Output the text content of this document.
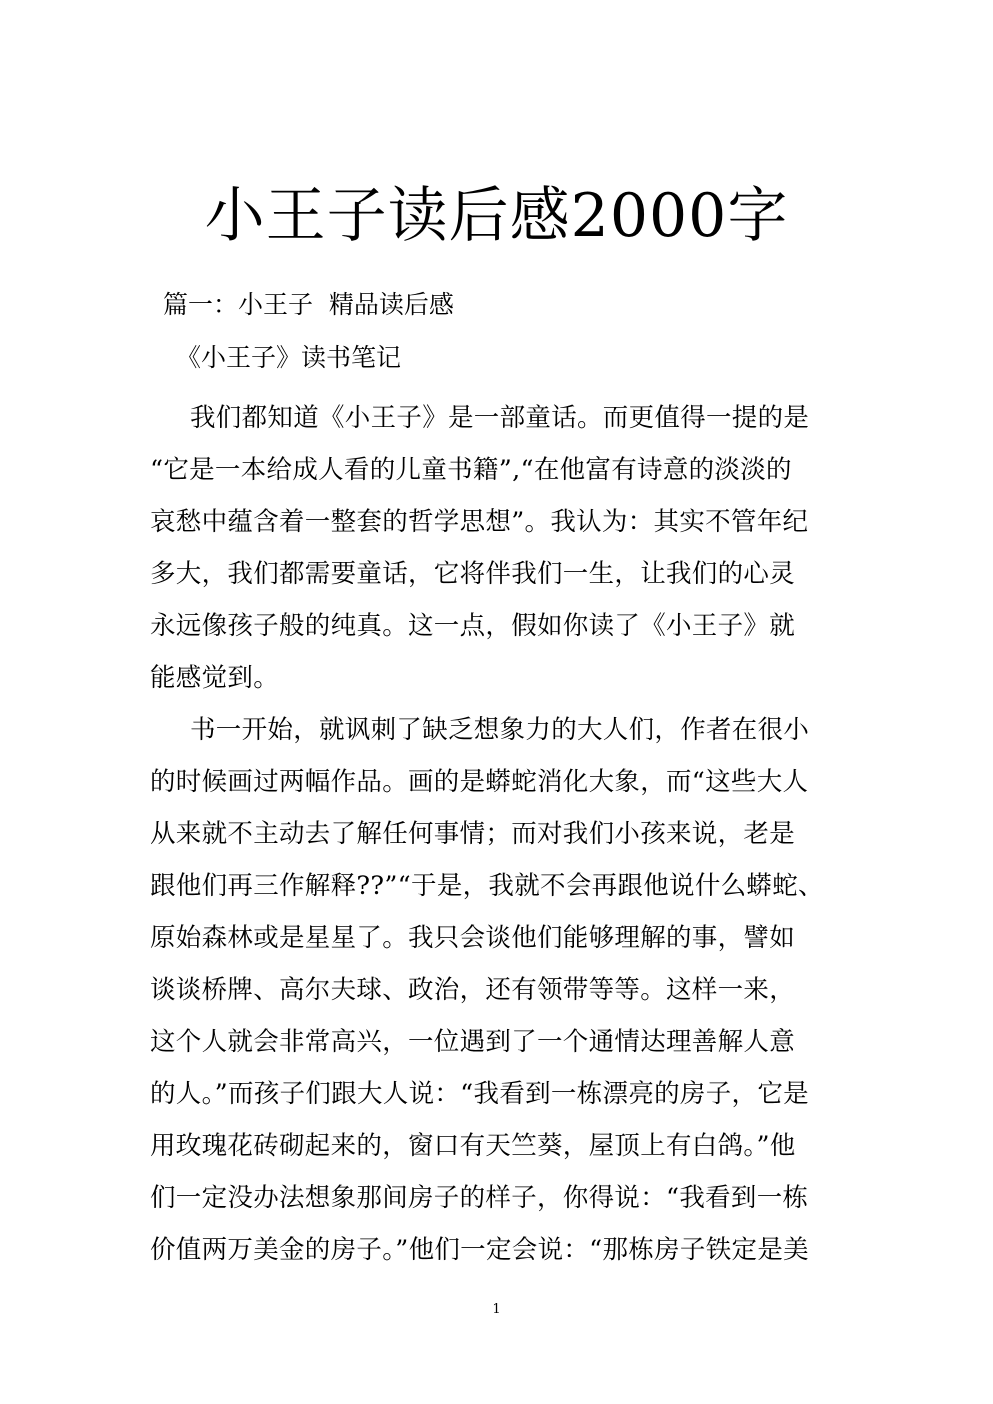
小王子读后感2000字

篇一：小王子  精品读后感

《小王子》读书笔记

我们都知道《小王子》是一部童话。而更值得一提的是
“它是一本给成人看的儿童书籍”,“在他富有诗意的淡淡的
哀愁中蕴含着一整套的哲学思想”。我认为：其实不管年纪
多大，我们都需要童话，它将伴我们一生，让我们的心灵
永远像孩子般的纯真。这一点，假如你读了《小王子》就
能感觉到。
书一开始，就讽刺了缺乏想象力的大人们，作者在很小
的时候画过两幅作品。画的是蟒蛇消化大象，而“这些大人
从来就不主动去了解任何事情；而对我们小孩来说，老是
跟他们再三作解释??”“于是，我就不会再跟他说什么蟒蛇、
原始森林或是星星了。我只会谈他们能够理解的事，譬如
谈谈桥牌、高尔夫球、政治，还有领带等等。这样一来，
这个人就会非常高兴，一位遇到了一个通情达理善解人意
的人。”而孩子们跟大人说：“我看到一栋漂亮的房子，它是
用玫瑰花砖砌起来的，窗口有天竺葵，屋顶上有白鸽。”他
们一定没办法想象那间房子的样子，你得说：“我看到一栋
价值两万美金的房子。”他们一定会说：“那栋房子铁定是美
1
